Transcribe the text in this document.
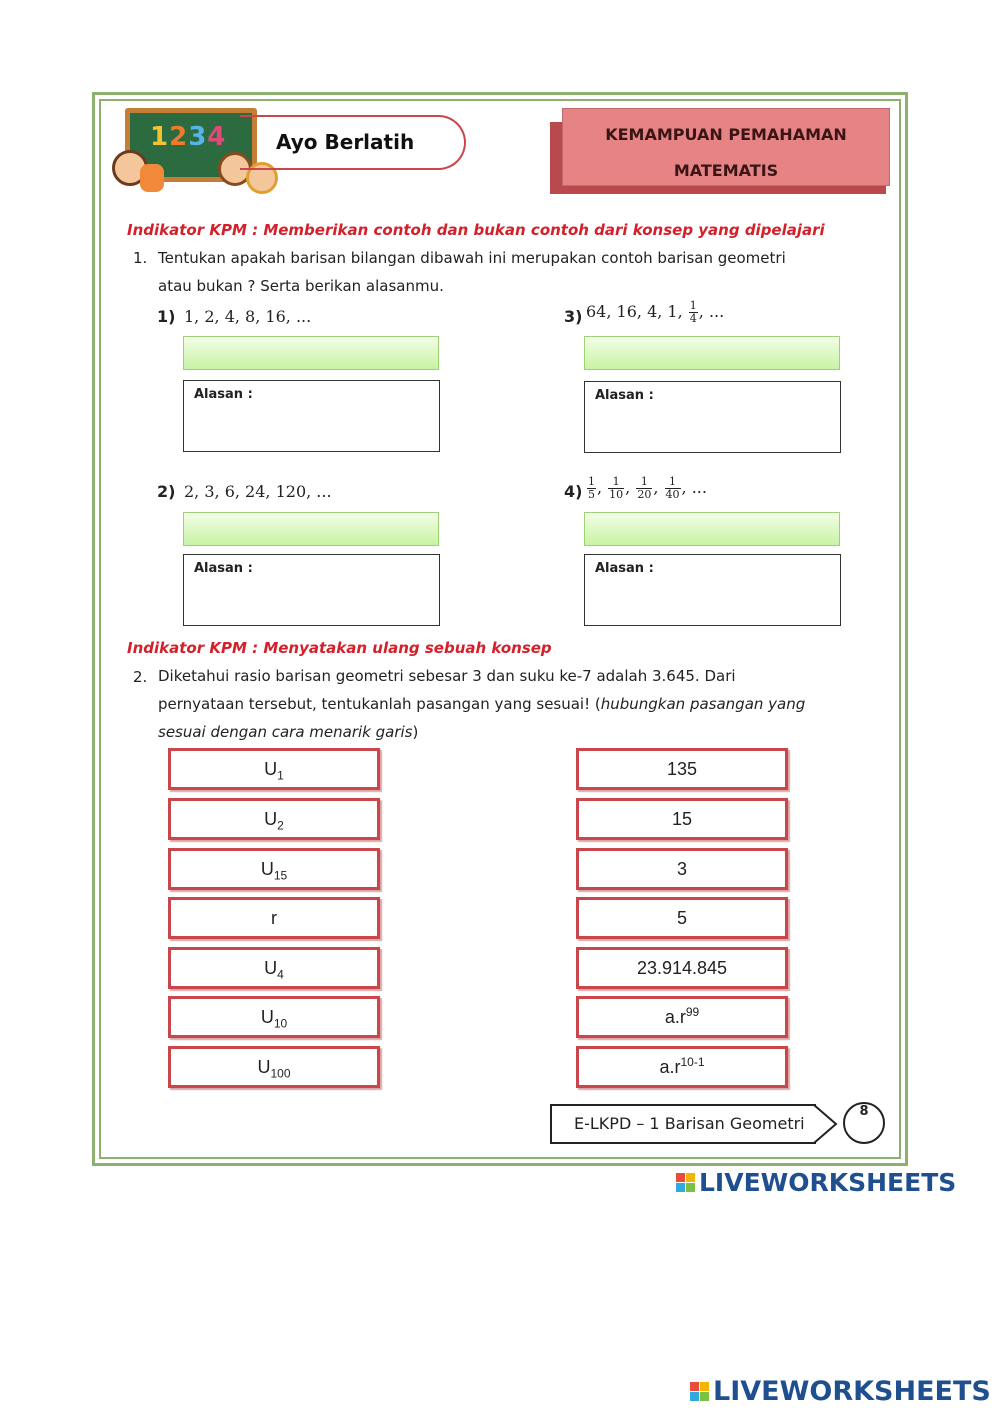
1234 Ayo Berlatih	KEMAMPUAN PEMAHAMAN
MATEMATIS
Indikator KPM : Memberikan contoh dan bukan contoh dari konsep yang dipelajari
1. Tentukan apakah barisan bilangan dibawah ini merupakan contoh barisan geometri
atau bukan ? Serta berikan alasanmu.
1) 1, 2, 4, 8, 16, ...
Alasan :
3) 64, 16, 4, 1, $\frac{1}{4}$ , ...
Alasan :
2) 2, 3, 6, 24, 120, ...
Alasan :
$4) \frac{1}{5}$ , $\frac{1}{10}$ , $\frac{1}{20}$ , $\frac{1}{40}$ , ...
Alasan :
Indikator KPM : Menyatakan ulang sebuah konsep
2. Diketahui rasio barisan geometri sebesar 3 dan suku ke-7 adalah 3.645. Dari
pernyataan tersebut, tentukanlah pasangan yang sesuai! (hubungkan pasangan yang
sesuai dengan cara menarik garis)
$U_1$
$U_2$
$U_{15}$
r
$U_4$
$U_{10}$
$U_{100}$
135
15
3
5
23.914.845
$a.r^{99}$
$a.r^{10-1}$
E-LKPD – 1 Barisan Geometri
8
LIVEWORKSHEETS
LIVEWORKSHEETS
